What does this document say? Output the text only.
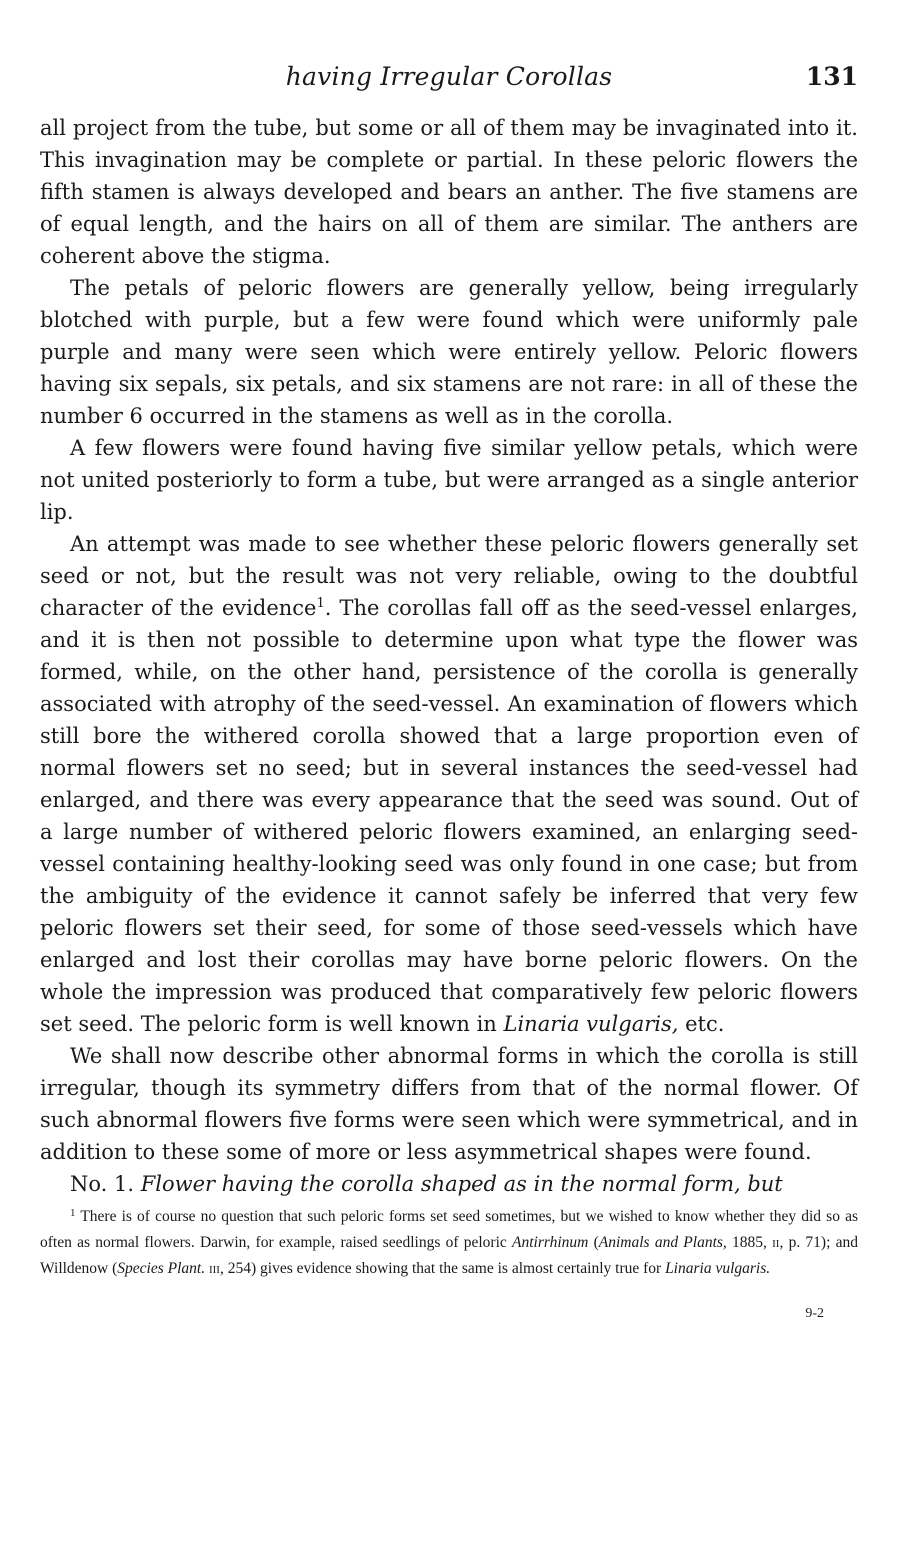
having Irregular Corollas	131

all project from the tube, but some or all of them may be invaginated into it. This invagination may be complete or partial. In these peloric flowers the fifth stamen is always developed and bears an anther. The five stamens are of equal length, and the hairs on all of them are similar. The anthers are coherent above the stigma.

The petals of peloric flowers are generally yellow, being irregularly blotched with purple, but a few were found which were uniformly pale purple and many were seen which were entirely yellow. Peloric flowers having six sepals, six petals, and six stamens are not rare: in all of these the number 6 occurred in the stamens as well as in the corolla.

A few flowers were found having five similar yellow petals, which were not united posteriorly to form a tube, but were arranged as a single anterior lip.

An attempt was made to see whether these peloric flowers generally set seed or not, but the result was not very reliable, owing to the doubtful character of the evidence$^1$. The corollas fall off as the seed-vessel enlarges, and it is then not possible to determine upon what type the flower was formed, while, on the other hand, persistence of the corolla is generally associated with atrophy of the seed-vessel. An examination of flowers which still bore the withered corolla showed that a large proportion even of normal flowers set no seed; but in several instances the seed-vessel had enlarged, and there was every appearance that the seed was sound. Out of a large number of withered peloric flowers examined, an enlarging seed-vessel containing healthy-looking seed was only found in one case; but from the ambiguity of the evidence it cannot safely be inferred that very few peloric flowers set their seed, for some of those seed-vessels which have enlarged and lost their corollas may have borne peloric flowers. On the whole the impression was produced that comparatively few peloric flowers set seed. The peloric form is well known in Linaria vulgaris, etc.

We shall now describe other abnormal forms in which the corolla is still irregular, though its symmetry differs from that of the normal flower. Of such abnormal flowers five forms were seen which were symmetrical, and in addition to these some of more or less asymmetrical shapes were found.

No. 1. Flower having the corolla shaped as in the normal form, but

$^1$ There is of course no question that such peloric forms set seed sometimes, but we wished to know whether they did so as often as normal flowers. Darwin, for example, raised seedlings of peloric Antirrhinum (Animals and Plants, 1885, ii, p. 71); and Willdenow (Species Plant. iii, 254) gives evidence showing that the same is almost certainly true for Linaria vulgaris.

9-2
